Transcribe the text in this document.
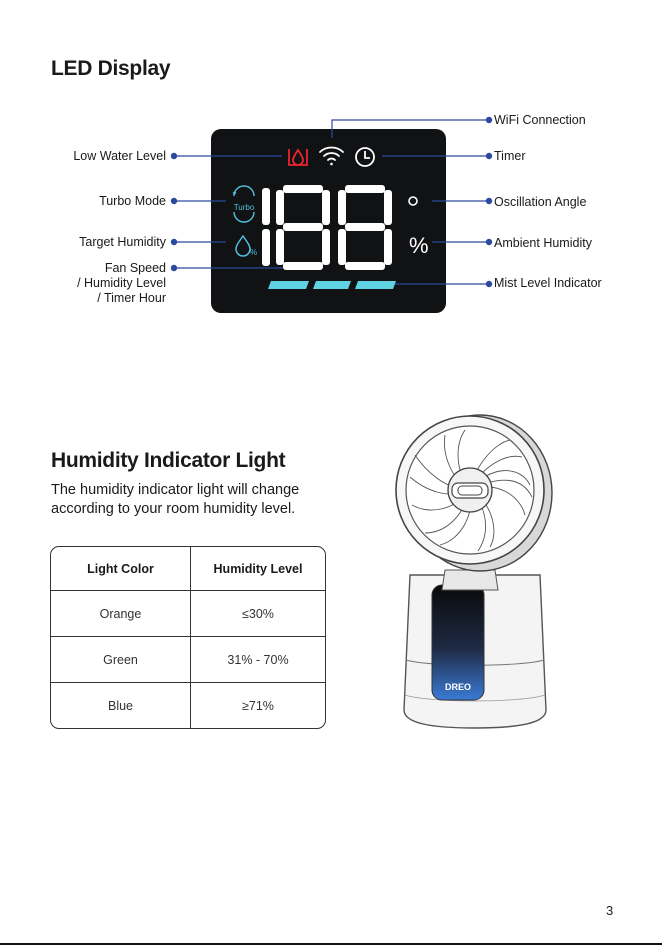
LED Display
Turbo
%	%
WiFi Connection
Low Water Level	Timer
Turbo Mode	Oscillation Angle
Target Humidity	Ambient Humidity
Fan Speed
/ Humidity Level
/ Timer Hour
Mist Level Indicator
Humidity Indicator Light
The humidity indicator light will change
according to your room humidity level.
Light Color	Humidity Level
Orange	≤30%
Green	31% - 70%
Blue	≥71%
DREO
3
